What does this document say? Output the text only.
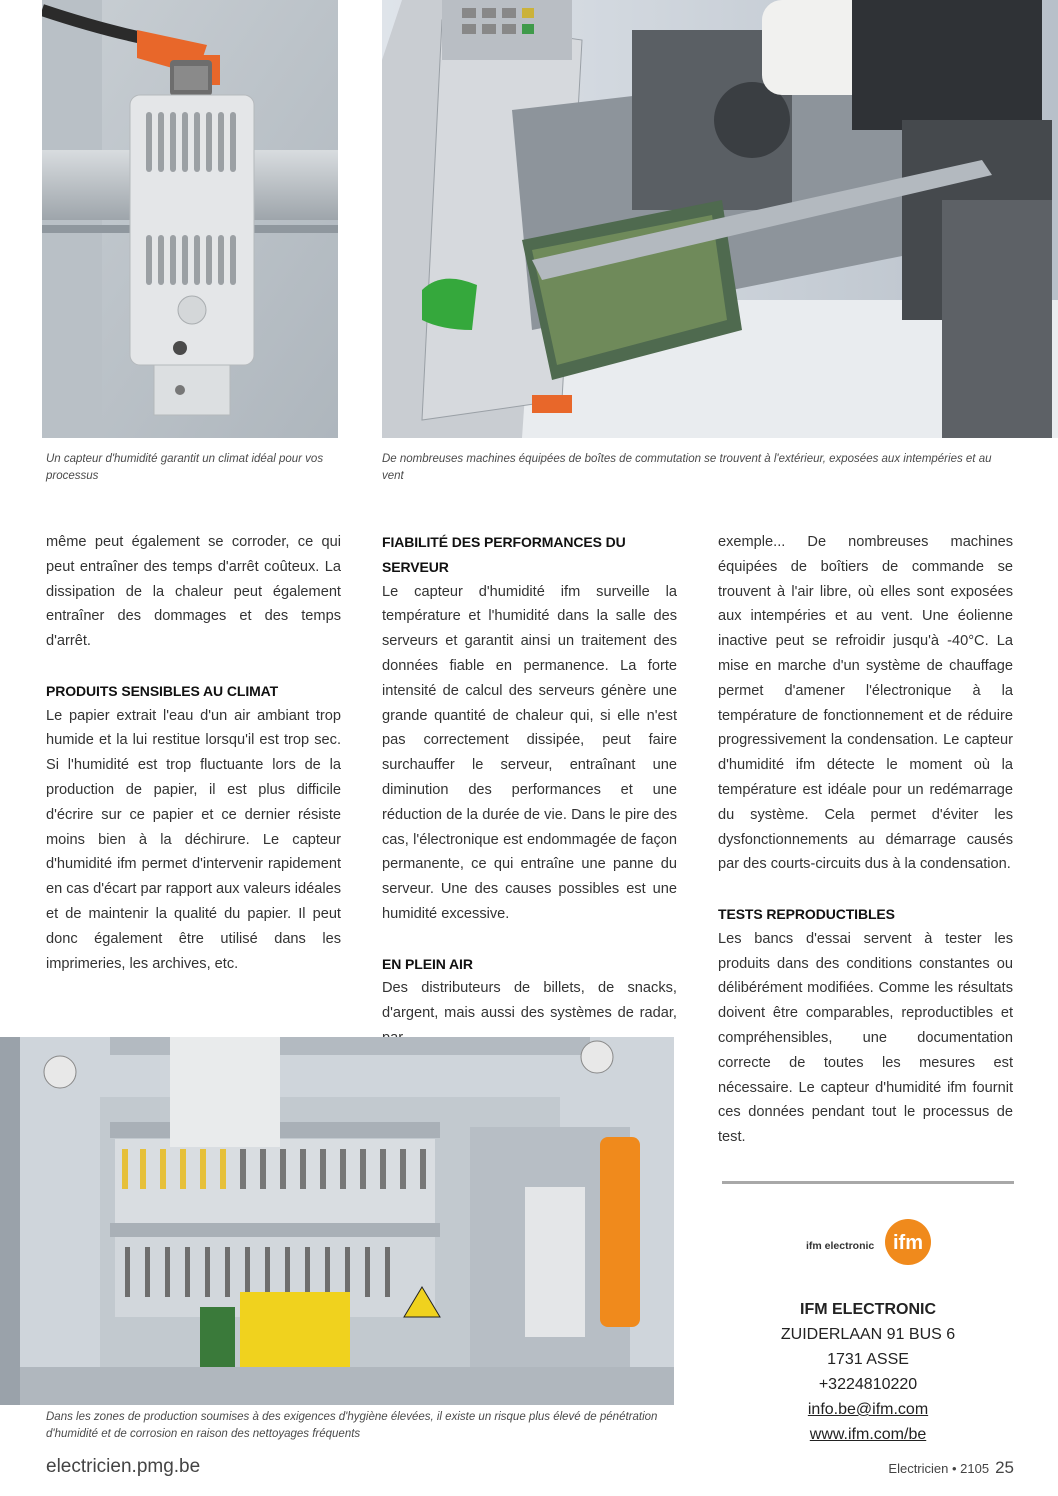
Un capteur d'humidité garantit un climat idéal pour vos processus
De nombreuses machines équipées de boîtes de commutation se trouvent à l'extérieur, exposées aux intempéries et au vent

même peut également se corroder, ce qui peut entraîner des temps d'arrêt coûteux. La dissipation de la chaleur peut également entraîner des dommages et des temps d'arrêt.

PRODUITS SENSIBLES AU CLIMAT

Le papier extrait l'eau d'un air ambiant trop humide et la lui restitue lorsqu'il est trop sec. Si l'humidité est trop fluctuante lors de la production de papier, il est plus difficile d'écrire sur ce papier et ce dernier résiste moins bien à la déchirure. Le capteur d'humidité ifm permet d'intervenir rapidement en cas d'écart par rapport aux valeurs idéales et de maintenir la qualité du papier. Il peut donc également être utilisé dans les imprimeries, les archives, etc.

FIABILITÉ DES PERFORMANCES DU SERVEUR

Le capteur d'humidité ifm surveille la température et l'humidité dans la salle des serveurs et garantit ainsi un traitement des données fiable en permanence. La forte intensité de calcul des serveurs génère une grande quantité de chaleur qui, si elle n'est pas correctement dissipée, peut faire surchauffer le serveur, entraînant une diminution des performances et une réduction de la durée de vie. Dans le pire des cas, l'électronique est endommagée de façon permanente, ce qui entraîne une panne du serveur. Une des causes possibles est une humidité excessive.

EN PLEIN AIR

Des distributeurs de billets, de snacks, d'argent, mais aussi des systèmes de radar,

exemple... De nombreuses machines équipées de boîtiers de commande se trouvent à l'air libre, où elles sont exposées aux intempéries et au vent. Une éolienne inactive peut se refroidir jusqu'à -40°C. La mise en marche d'un système de chauffage permet d'amener l'électronique à la température de fonctionnement et de réduire progressivement la condensation. Le capteur d'humidité ifm détecte le moment où la température est idéale pour un redémarrage du système. Cela permet d'éviter les dysfonctionnements au démarrage causés par des courts-circuits dus à la condensation.

TESTS REPRODUCTIBLES

Les bancs d'essai servent à tester les produits dans des conditions constantes ou délibérément modifiées. Comme les résultats doivent être comparables, reproductibles et compréhensibles, une documentation correcte de toutes les mesures est nécessaire. Le capteur d'humidité ifm fournit ces données pendant tout le processus de test.

Dans les zones de production soumises à des exigences d'hygiène élevées, il existe un risque plus élevé de pénétration d'humidité et de corrosion en raison des nettoyages fréquents
ifm electronic ifm
IFM ELECTRONIC
ZUIDERLAAN 91 BUS 6
1731 ASSE
+3224810220
info.be@ifm.com
www.ifm.com/be
electricien.pmg.be	Electricien • 2105 25
